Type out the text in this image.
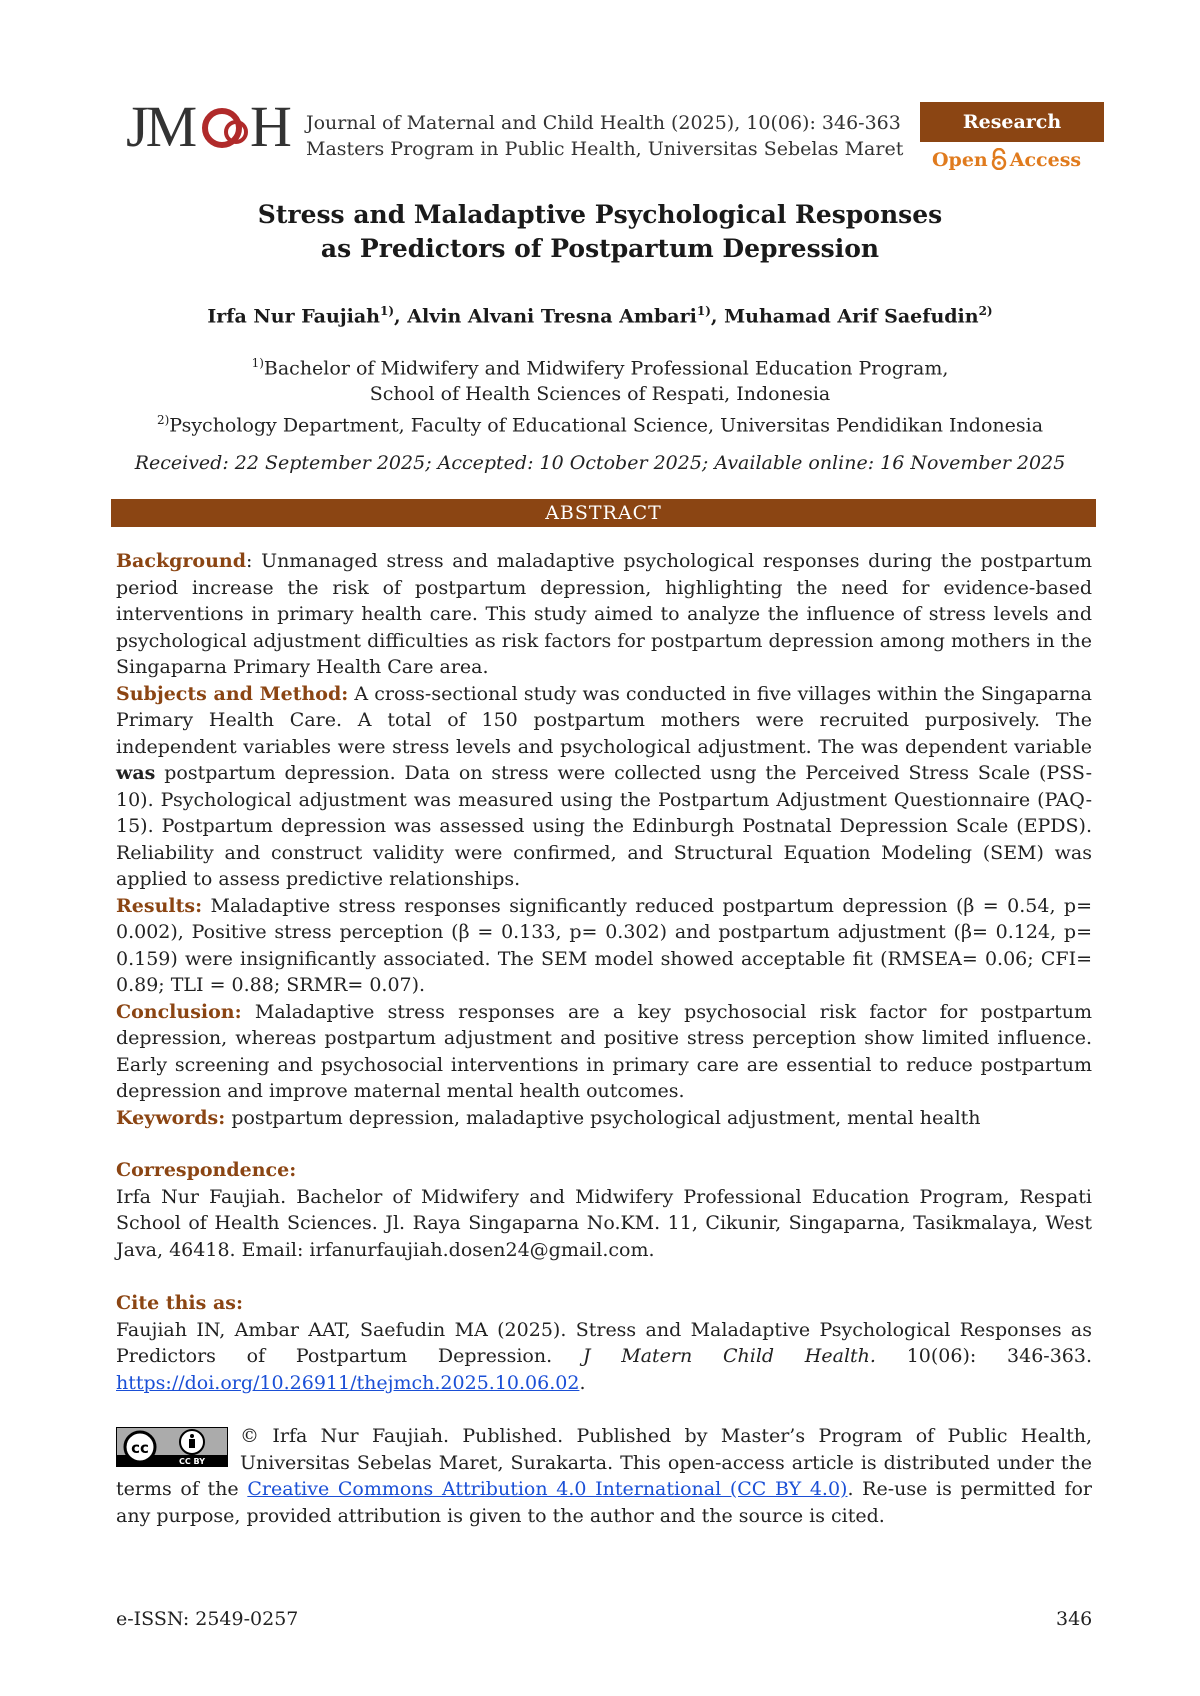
JM H Journal of Maternal and Child Health (2025), 10(06): 346-363
Masters Program in Public Health, Universitas Sebelas Maret
Research
Open Access
Stress and Maladaptive Psychological Responses
as Predictors of Postpartum Depression
Irfa Nur Faujiah$^{1)}$, Alvin Alvani Tresna Ambari$^{1)}$, Muhamad Arif Saefudin$^{2)}$
$^{1)}$Bachelor of Midwifery and Midwifery Professional Education Program,
School of Health Sciences of Respati, Indonesia
$^{2)}$Psychology Department, Faculty of Educational Science, Universitas Pendidikan Indonesia
Received: 22 September 2025; Accepted: 10 October 2025; Available online: 16 November 2025
ABSTRACT
Background: Unmanaged stress and maladaptive psychological responses during the postpartum period increase the risk of postpartum depression, highlighting the need for evidence-based interventions in primary health care. This study aimed to analyze the influence of stress levels and psychological adjustment difficulties as risk factors for postpartum depression among mothers in the Singaparna Primary Health Care area.
Subjects and Method: A cross-sectional study was conducted in five villages within the Singaparna Primary Health Care. A total of 150 postpartum mothers were recruited purposively. The independent variables were stress levels and psychological adjustment. The was dependent variable was postpartum depression. Data on stress were collected usng the Perceived Stress Scale (PSS-10). Psychological adjustment was measured using the Postpartum Adjustment Questionnaire (PAQ-15). Postpartum depression was assessed using the Edinburgh Postnatal Depression Scale (EPDS). Reliability and construct validity were confirmed, and Structural Equation Modeling (SEM) was applied to assess predictive relationships.
Results: Maladaptive stress responses significantly reduced postpartum depression (β = 0.54, p= 0.002), Positive stress perception (β = 0.133, p= 0.302) and postpartum adjustment (β= 0.124, p= 0.159) were insignificantly associated. The SEM model showed acceptable fit (RMSEA= 0.06; CFI= 0.89; TLI = 0.88; SRMR= 0.07).
Conclusion: Maladaptive stress responses are a key psychosocial risk factor for postpartum depression, whereas postpartum adjustment and positive stress perception show limited influence. Early screening and psychosocial interventions in primary care are essential to reduce postpartum depression and improve maternal mental health outcomes.
Keywords: postpartum depression, maladaptive psychological adjustment, mental health
Correspondence:
Irfa Nur Faujiah. Bachelor of Midwifery and Midwifery Professional Education Program, Respati School of Health Sciences. Jl. Raya Singaparna No.KM. 11, Cikunir, Singaparna, Tasikmalaya, West Java, 46418. Email: irfanurfaujiah.dosen24@gmail.com.
Cite this as:
Faujiah IN, Ambar AAT, Saefudin MA (2025). Stress and Maladaptive Psychological Responses as Predictors of Postpartum Depression. J Matern Child Health. 10(06): 346-363. https://doi.org/10.26911/thejmch.2025.10.06.02.
cc
CC BY
© Irfa Nur Faujiah. Published. Published by Master’s Program of Public Health, Universitas Sebelas Maret, Surakarta. This open-access article is distributed under the terms of the Creative Commons Attribution 4.0 International (CC BY 4.0). Re-use is permitted for any purpose, provided attribution is given to the author and the source is cited.
e-ISSN: 2549-0257	346
